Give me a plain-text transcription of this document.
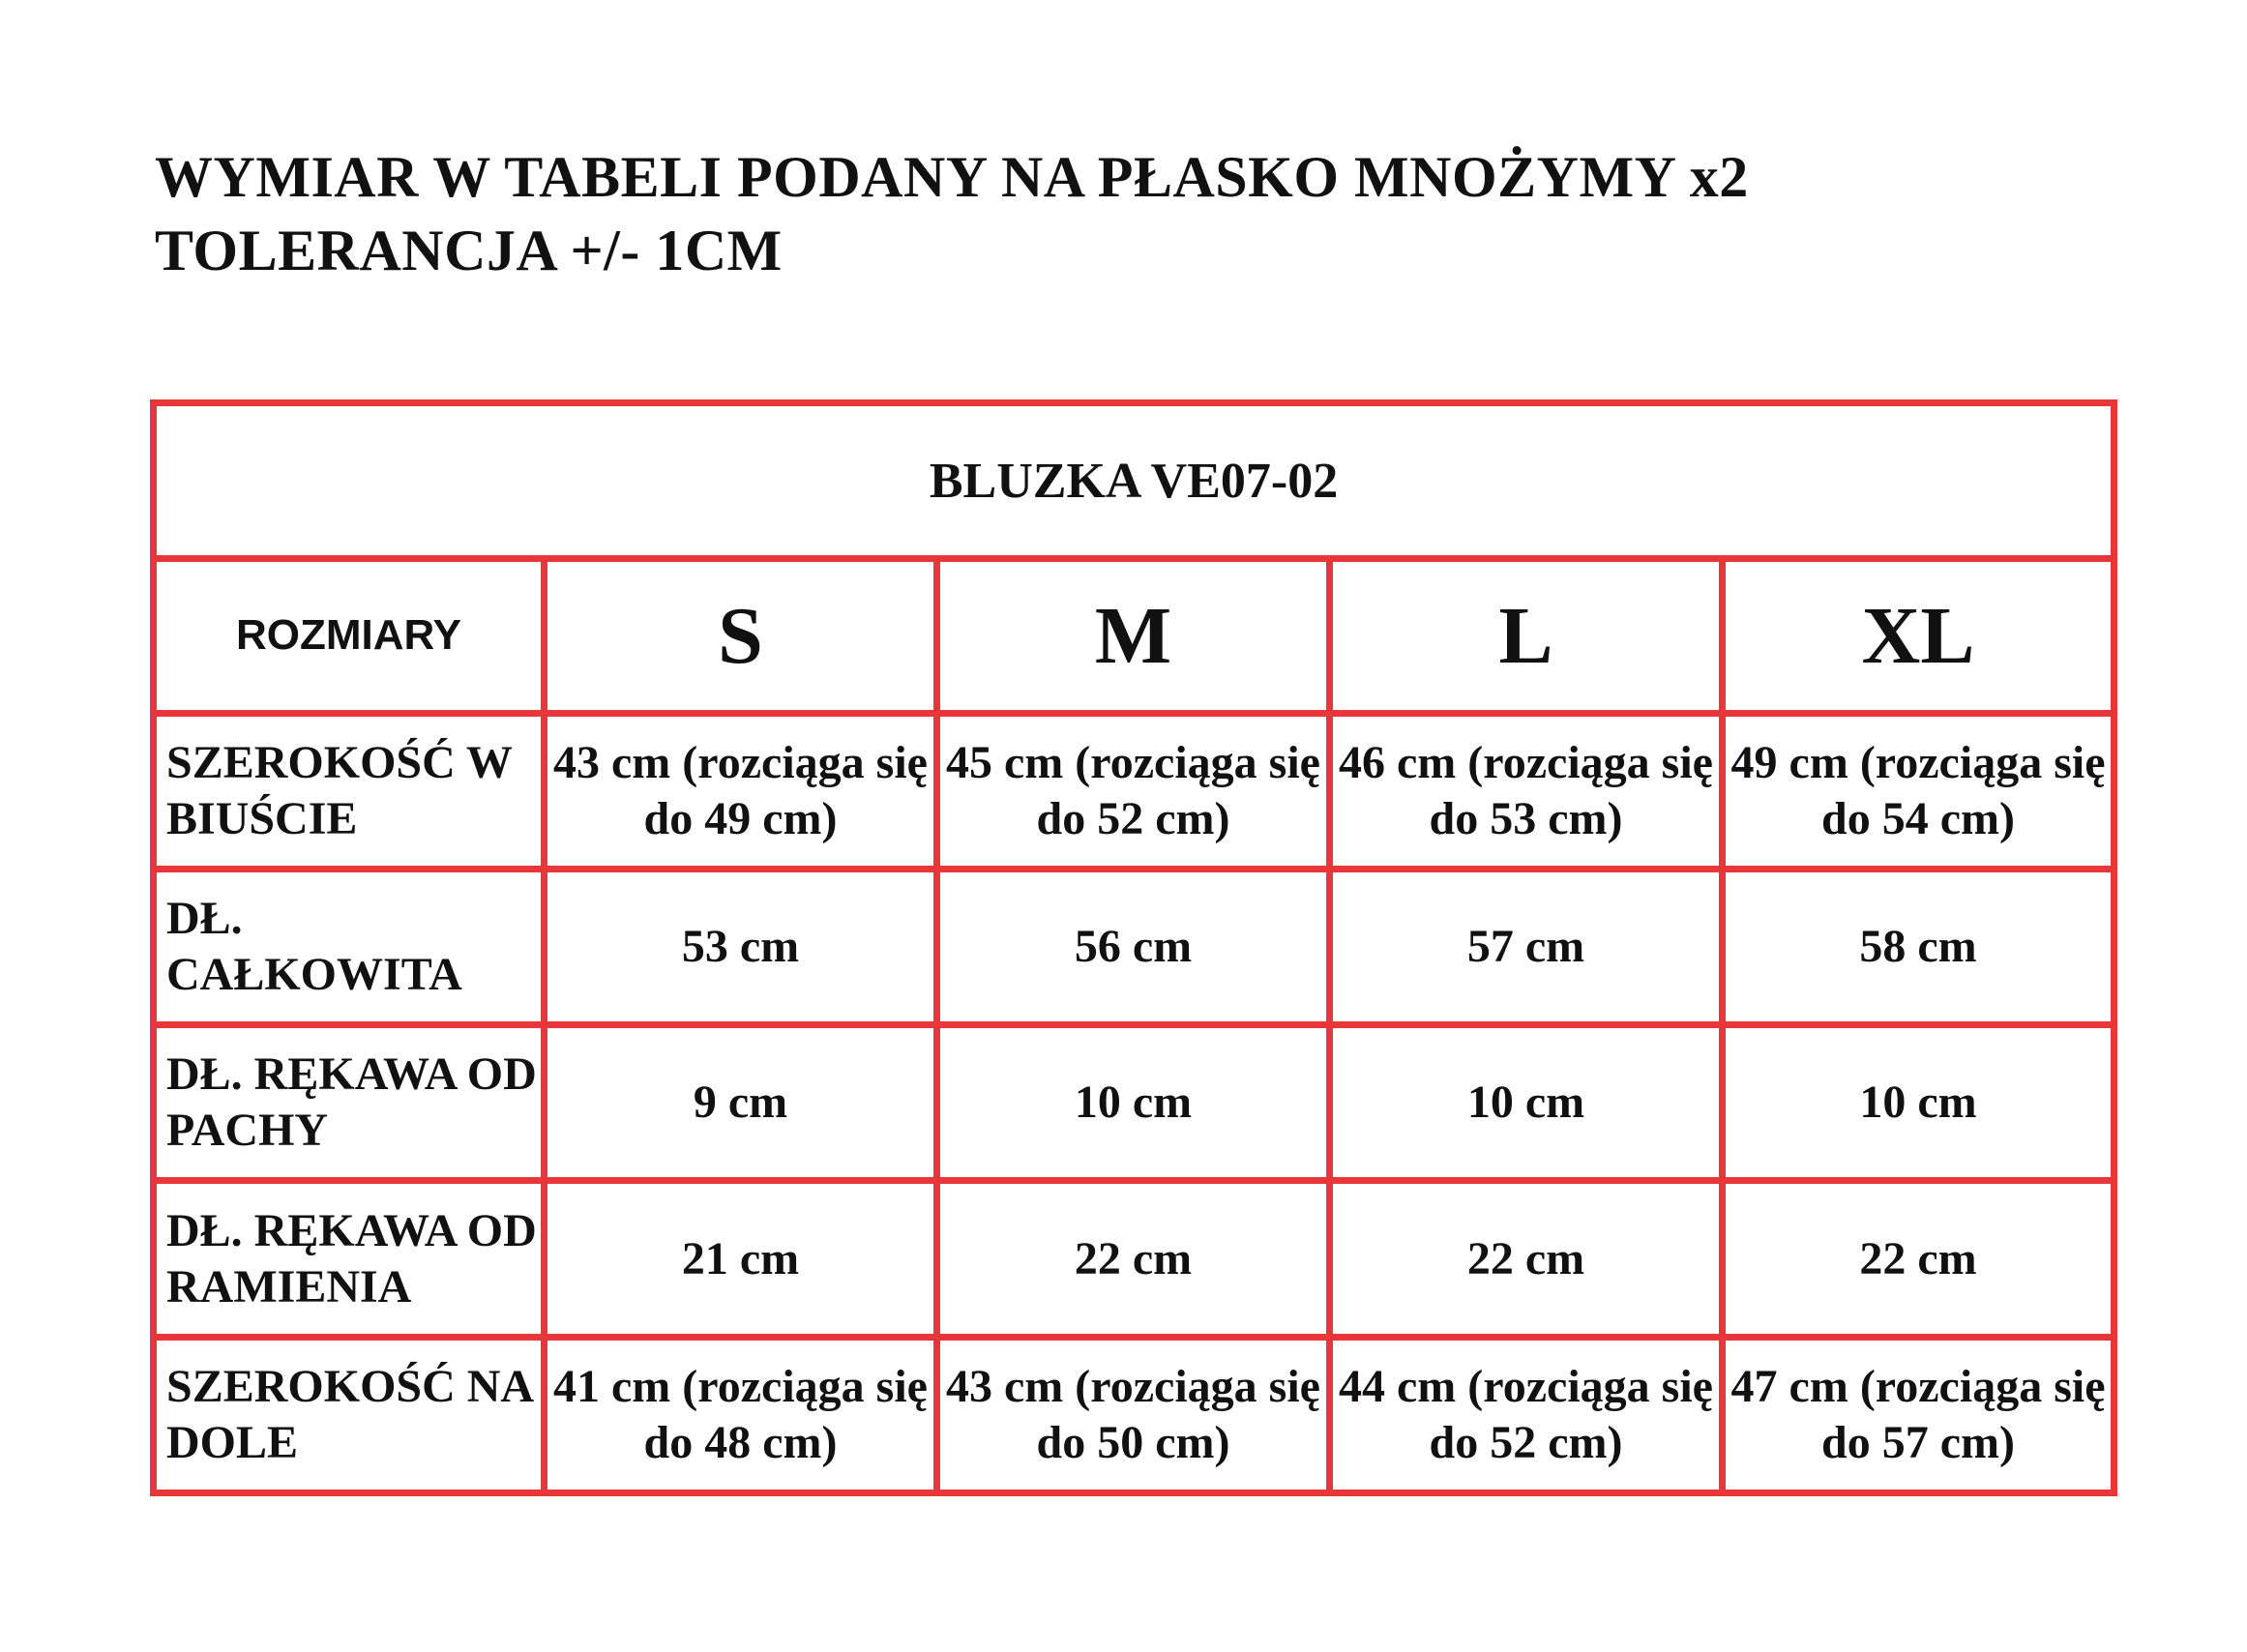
WYMIAR W TABELI PODANY NA PŁASKO MNOŻYMY x2
TOLERANCJA +/- 1CM
BLUZKA VE07-02				
ROZMIARY	S	M	L	XL
SZEROKOŚĆ W BIUŚCIE	43 cm (rozciąga się do 49 cm)	45 cm (rozciąga się do 52 cm)	46 cm (rozciąga się do 53 cm)	49 cm (rozciąga się do 54 cm)
DŁ. CAŁKOWITA	53 cm	56 cm	57 cm	58 cm
DŁ. RĘKAWA OD PACHY	9 cm	10 cm	10 cm	10 cm
DŁ. RĘKAWA OD RAMIENIA	21 cm	22 cm	22 cm	22 cm
SZEROKOŚĆ NA DOLE	41 cm (rozciąga się do 48 cm)	43 cm (rozciąga się do 50 cm)	44 cm (rozciąga się do 52 cm)	47 cm (rozciąga się do 57 cm)
